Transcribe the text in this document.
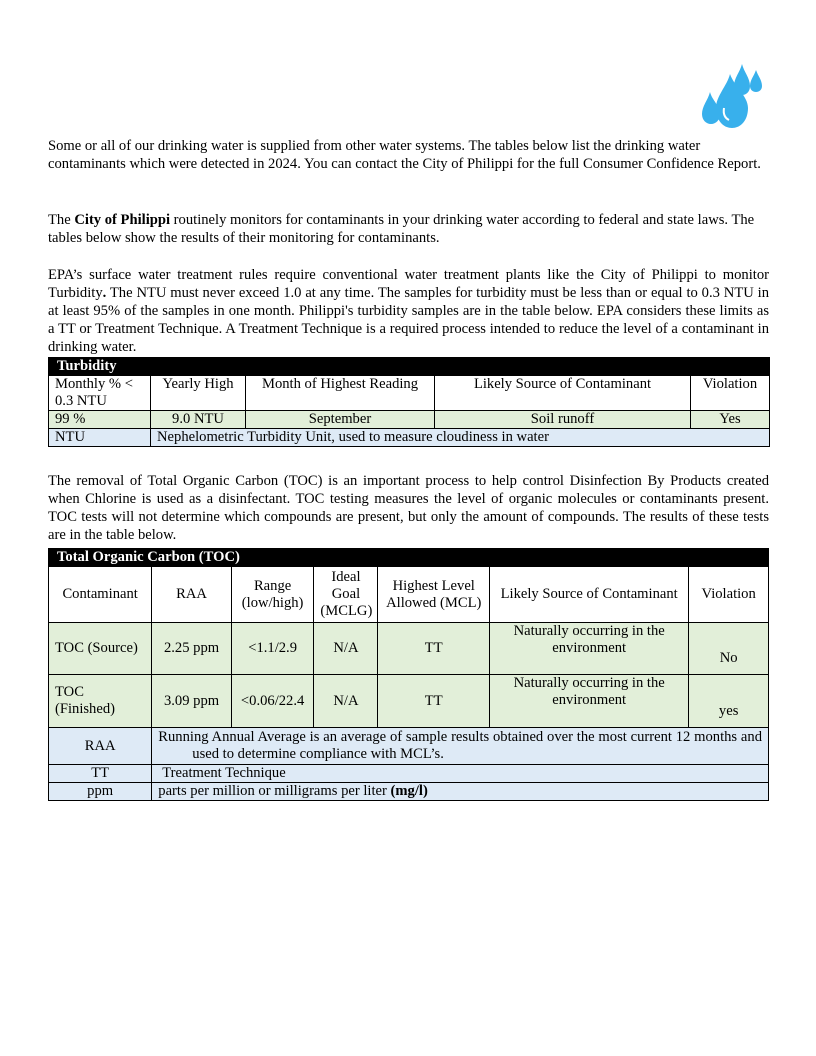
Some or all of our drinking water is supplied from other water systems. The tables below list the drinking water contaminants which were detected in 2024. You can contact the City of Philippi for the full Consumer Confidence Report.

The City of Philippi routinely monitors for contaminants in your drinking water according to federal and state laws. The tables below show the results of their monitoring for contaminants.

EPA’s surface water treatment rules require conventional water treatment plants like the City of Philippi to monitor Turbidity. The NTU must never exceed 1.0 at any time. The samples for turbidity must be less than or equal to 0.3 NTU in at least 95% of the samples in one month. Philippi's turbidity samples are in the table below. EPA considers these limits as a TT or Treatment Technique. A Treatment Technique is a required process intended to reduce the level of a contaminant in drinking water.

Turbidity				
Monthly % < 0.3 NTU	Yearly High	Month of Highest Reading	Likely Source of Contaminant	Violation
99 %	9.0 NTU	September	Soil runoff	Yes
NTU	Nephelometric Turbidity Unit, used to measure cloudiness in water			

The removal of Total Organic Carbon (TOC) is an important process to help control Disinfection By Products created when Chlorine is used as a disinfectant. TOC testing measures the level of organic molecules or contaminants present. TOC tests will not determine which compounds are present, but only the amount of compounds. The results of these tests are in the table below.

Total Organic Carbon (TOC)						
Contaminant	RAA	Range (low/high)	Ideal Goal (MCLG)	Highest Level Allowed (MCL)	Likely Source of Contaminant	Violation
TOC (Source)	2.25 ppm	<1.1/2.9	N/A	TT	Naturally occurring in the environment	No
TOC (Finished)	3.09 ppm	<0.06/22.4	N/A	TT	Naturally occurring in the environment	yes
RAA	Running Annual Average is an average of sample results obtained over the most current 12 months and used to determine compliance with MCL’s.					
TT	Treatment Technique					
ppm	parts per million or milligrams per liter (mg/l)					
